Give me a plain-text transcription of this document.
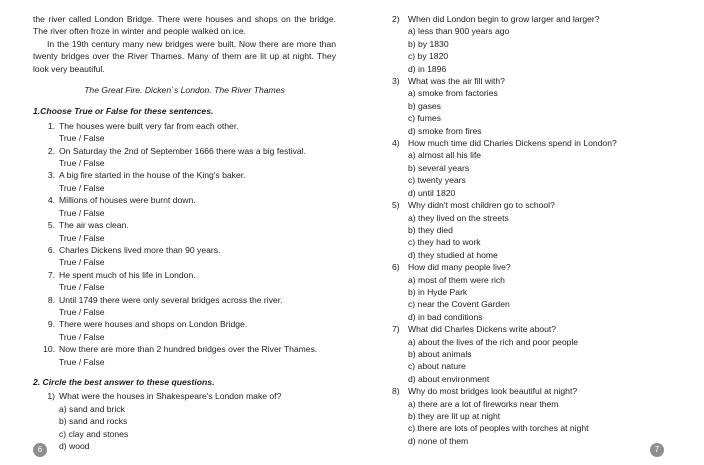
the river called London Bridge. There were houses and shops on the bridge. The river often froze in winter and people walked on ice.

In the 19th century many new bridges were built. Now there are more than twenty bridges over the River Thames. Many of them are lit up at night. They look very beautiful.

The Great Fire. Dicken`s London. The River Thames

1.Choose True or False for these sentences.

1. The houses were built very far from each other.
True / False
2. On Saturday the 2nd of September 1666 there was a big festival.
True / False
3. A big fire started in the house of the King's baker.
True / False
4. Millions of houses were burnt down.
True / False
5. The air was clean.
True / False
6. Charles Dickens lived more than 90 years.
True / False
7. He spent much of his life in London.
True / False
8. Until 1749 there were only several bridges across the river.
True / False
9. There were houses and shops on London Bridge.
True / False
10. Now there are more than 2 hundred bridges over the River Thames.
True / False

2. Circle the best answer to these questions.

1) What were the houses in Shakespeare's London make of?
a) sand and brick
b) sand and rocks
c) clay and stones
d) wood
6
2) When did London begin to grow larger and larger?
a) less than 900 years ago
b) by 1830
c) by 1820
d) in 1896
3) What was the air fill with?
a) smoke from factories
b) gases
c) fumes
d) smoke from fires
4) How much time did Charles Dickens spend in London?
a) almost all his life
b) several years
c) twenty years
d) until 1820
5) Why didn't most children go to school?
a) they lived on the streets
b) they died
c) they had to work
d) they studied at home
6) How did many people live?
a) most of them were rich
b) in Hyde Park
c) near the Covent Garden
d) in bad conditions
7) What did Charles Dickens write about?
a) about the lives of the rich and poor people
b) about animals
c) about nature
d) about environment
8) Why do most bridges look beautiful at night?
a) there are a lot of fireworks near them
b) they are lit up at night
c) there are lots of peoples with torches at night
d) none of them
7
